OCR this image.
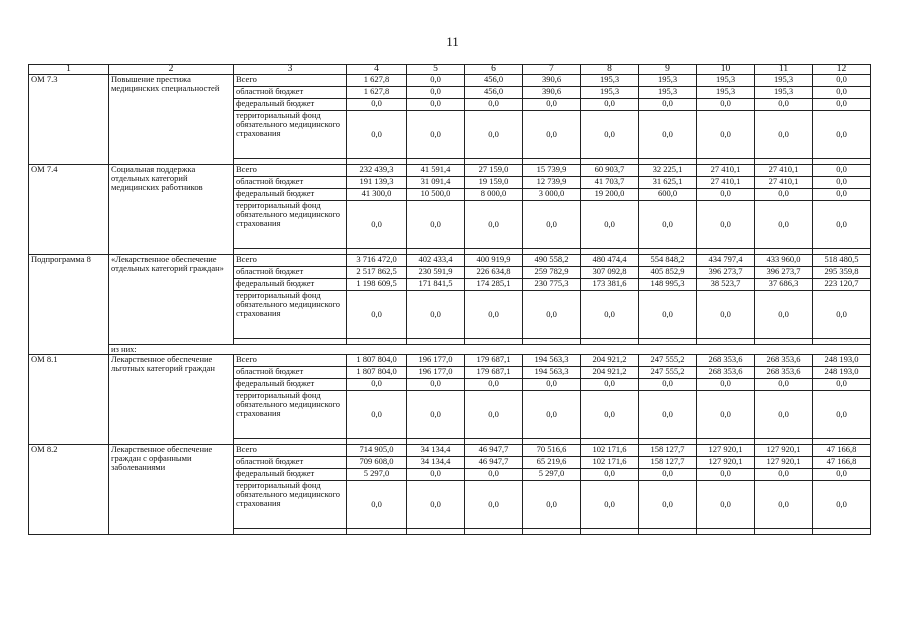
11
1	2	3	4	5	6	7	8	9	10	11	12
ОМ 7.3	Повышение престижа медицинских специальностей	Всего	1 627,8	0,0	456,0	390,6	195,3	195,3	195,3	195,3	0,0
		областной бюджет	1 627,8	0,0	456,0	390,6	195,3	195,3	195,3	195,3	0,0
		федеральный бюджет	0,0	0,0	0,0	0,0	0,0	0,0	0,0	0,0	0,0
		территориальный фонд обязательного медицинского страхования	0,0	0,0	0,0	0,0	0,0	0,0	0,0	0,0	0,0

ОМ 7.4	Социальная поддержка отдельных категорий медицинских работников	Всего	232 439,3	41 591,4	27 159,0	15 739,9	60 903,7	32 225,1	27 410,1	27 410,1	0,0
		областной бюджет	191 139,3	31 091,4	19 159,0	12 739,9	41 703,7	31 625,1	27 410,1	27 410,1	0,0
		федеральный бюджет	41 300,0	10 500,0	8 000,0	3 000,0	19 200,0	600,0	0,0	0,0	0,0
		территориальный фонд обязательного медицинского страхования	0,0	0,0	0,0	0,0	0,0	0,0	0,0	0,0	0,0

Подпрограмма 8	«Лекарственное обеспечение отдельных категорий граждан»	Всего	3 716 472,0	402 433,4	400 919,9	490 558,2	480 474,4	554 848,2	434 797,4	433 960,0	518 480,5
		областной бюджет	2 517 862,5	230 591,9	226 634,8	259 782,9	307 092,8	405 852,9	396 273,7	396 273,7	295 359,8
		федеральный бюджет	1 198 609,5	171 841,5	174 285,1	230 775,3	173 381,6	148 995,3	38 523,7	37 686,3	223 120,7
		территориальный фонд обязательного медицинского страхования	0,0	0,0	0,0	0,0	0,0	0,0	0,0	0,0	0,0

	из них:										
ОМ 8.1	Лекарственное обеспечение льготных категорий граждан	Всего	1 807 804,0	196 177,0	179 687,1	194 563,3	204 921,2	247 555,2	268 353,6	268 353,6	248 193,0
		областной бюджет	1 807 804,0	196 177,0	179 687,1	194 563,3	204 921,2	247 555,2	268 353,6	268 353,6	248 193,0
		федеральный бюджет	0,0	0,0	0,0	0,0	0,0	0,0	0,0	0,0	0,0
		территориальный фонд обязательного медицинского страхования	0,0	0,0	0,0	0,0	0,0	0,0	0,0	0,0	0,0

ОМ 8.2	Лекарственное обеспечение граждан с орфанными заболеваниями	Всего	714 905,0	34 134,4	46 947,7	70 516,6	102 171,6	158 127,7	127 920,1	127 920,1	47 166,8
		областной бюджет	709 608,0	34 134,4	46 947,7	65 219,6	102 171,6	158 127,7	127 920,1	127 920,1	47 166,8
		федеральный бюджет	5 297,0	0,0	0,0	5 297,0	0,0	0,0	0,0	0,0	0,0
		территориальный фонд обязательного медицинского страхования	0,0	0,0	0,0	0,0	0,0	0,0	0,0	0,0	0,0
